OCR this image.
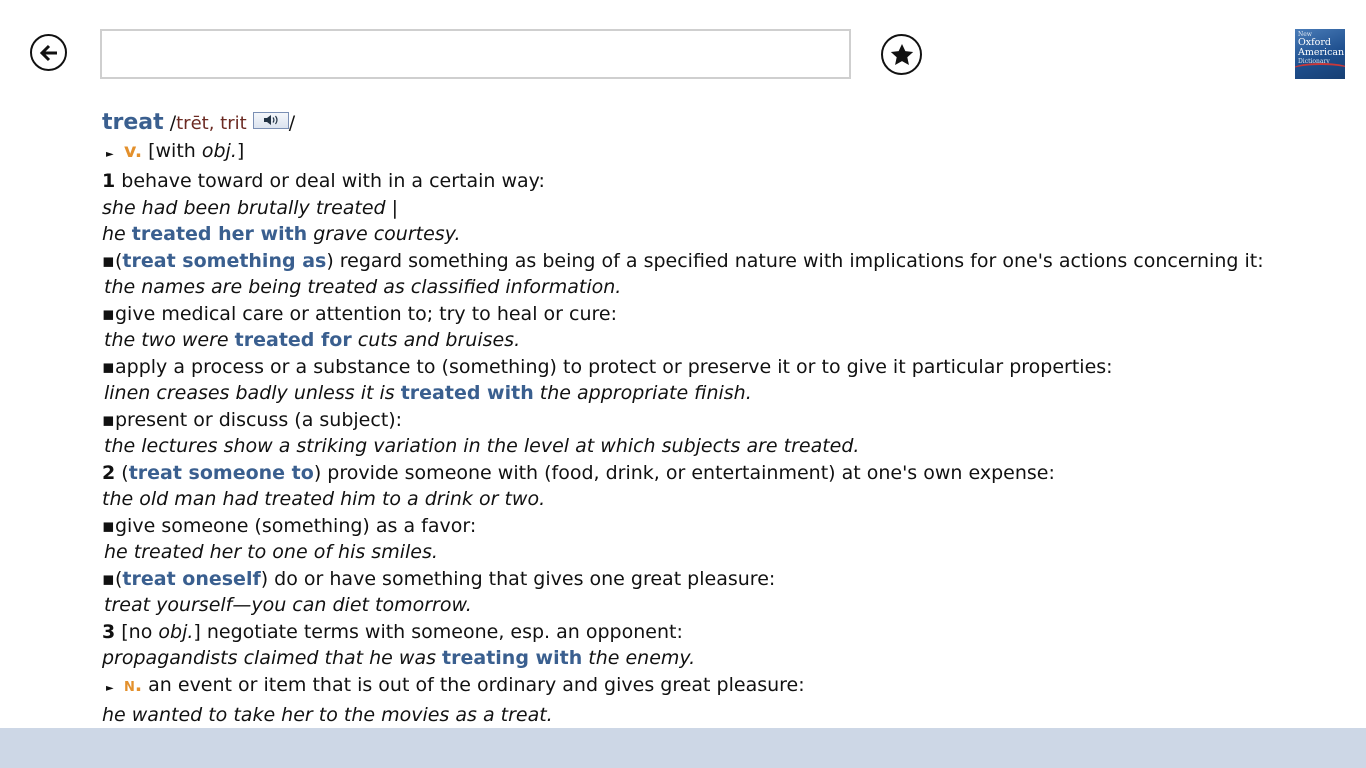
New
Oxford
American
Dictionary
treat /trēt, trit /
► v. [with obj.]
1 behave toward or deal with in a certain way:
she had been brutally treated |
he treated her with grave courtesy.
▪(treat something as) regard something as being of a specified nature with implications for one's actions concerning it:
the names are being treated as classified information.
▪give medical care or attention to; try to heal or cure:
the two were treated for cuts and bruises.
▪apply a process or a substance to (something) to protect or preserve it or to give it particular properties:
linen creases badly unless it is treated with the appropriate finish.
▪present or discuss (a subject):
the lectures show a striking variation in the level at which subjects are treated.
2 (treat someone to) provide someone with (food, drink, or entertainment) at one's own expense:
the old man had treated him to a drink or two.
▪give someone (something) as a favor:
he treated her to one of his smiles.
▪(treat oneself) do or have something that gives one great pleasure:
treat yourself—you can diet tomorrow.
3 [no obj.] negotiate terms with someone, esp. an opponent:
propagandists claimed that he was treating with the enemy.
► n. an event or item that is out of the ordinary and gives great pleasure:
he wanted to take her to the movies as a treat.
